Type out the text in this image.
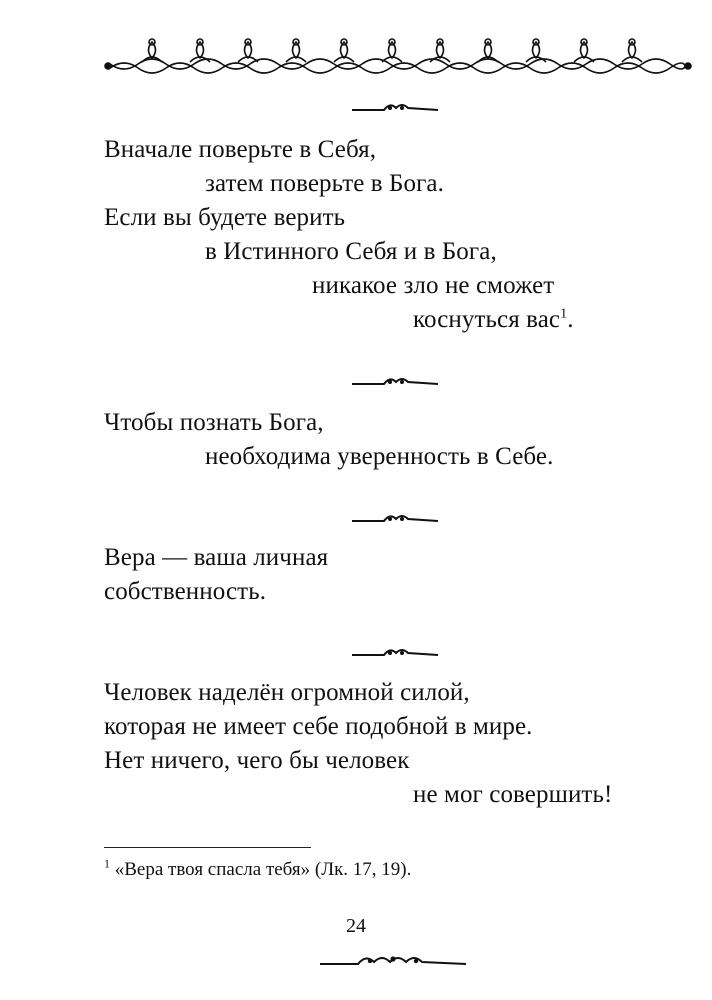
Вначале поверьте в Себя,
затем поверьте в Бога.
Если вы будете верить
в Истинного Себя и в Бога,
никакое зло не сможет
коснуться вас$^1$.
Чтобы познать Бога,
необходима уверенность в Себе.
Вера — ваша личная
собственность.
Человек наделён огромной силой,
которая не имеет себе подобной в мире.
Нет ничего, чего бы человек
не мог совершить!
$^1$ «Вера твоя спасла тебя» (Лк. 17, 19).
24
